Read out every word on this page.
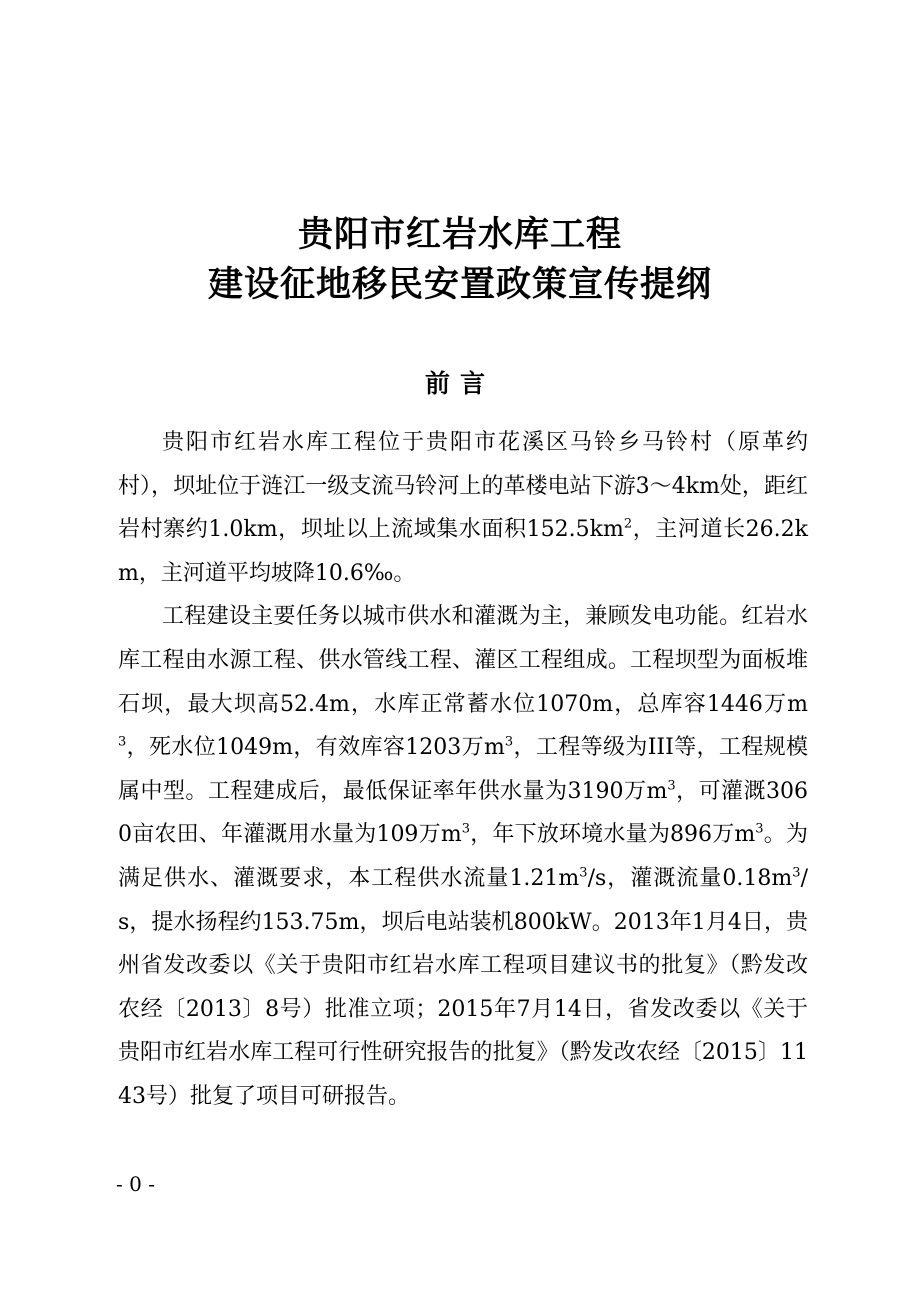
贵阳市红岩水库工程
建设征地移民安置政策宣传提纲
前言

贵阳市红岩水库工程位于贵阳市花溪区马铃乡马铃村（原革约村），坝址位于涟江一级支流马铃河上的革楼电站下游3～4km处，距红岩村寨约1.0km，坝址以上流域集水面积$152.5km^2$，主河道长26.2km，主河道平均坡降10.6‰。

工程建设主要任务以城市供水和灌溉为主，兼顾发电功能。红岩水库工程由水源工程、供水管线工程、灌区工程组成。工程坝型为面板堆石坝，最大坝高52.4m，水库正常蓄水位1070m，总库容1446万$m^3$，死水位1049m，有效库容1203万$m^3$，工程等级为III等，工程规模属中型。工程建成后，最低保证率年供水量为3190万$m^3$，可灌溉3060亩农田、年灌溉用水量为109万$m^3$，年下放环境水量为896万$m^3$。为满足供水、灌溉要求，本工程供水流量$1.21m^3/s$，灌溉流量$0.18m^3/s$，提水扬程约153.75m，坝后电站装机800kW。2013年1月4日，贵州省发改委以《关于贵阳市红岩水库工程项目建议书的批复》（黔发改农经〔2013〕8号）批准立项；2015年7月14日，省发改委以《关于贵阳市红岩水库工程可行性研究报告的批复》（黔发改农经〔2015〕1143号）批复了项目可研报告。

- 0 -
